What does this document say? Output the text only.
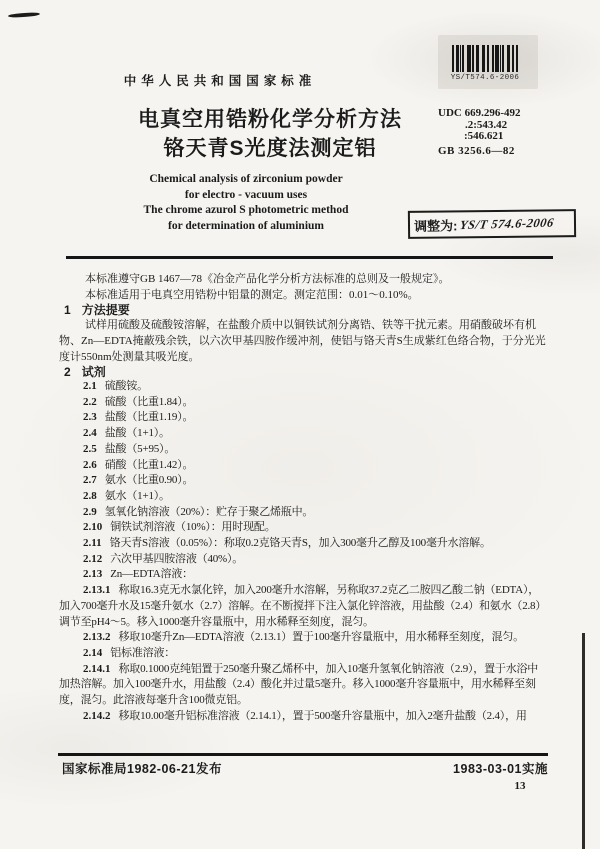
中华人民共和国国家标准	YS/T574.6-2006
电真空用锆粉化学分析方法
铬天青S光度法测定铝
UDC 669.296-492
.2:543.42
:546.621
GB 3256.6—82
Chemical analysis of zirconium powder
for electro - vacuum uses
The chrome azurol S photometric method
for determination of aluminium	调整为: YS/T 574.6-2006

本标准遵守GB 1467—78《冶金产品化学分析方法标准的总则及一般规定》。

本标准适用于电真空用锆粉中铝量的测定。测定范围：0.01～0.10%。

1 方法提要

试样用硫酸及硫酸铵溶解，在盐酸介质中以铜铁试剂分离锆、铁等干扰元素。用硝酸破坏有机物、Zn—EDTA掩蔽残余铁，以六次甲基四胺作缓冲剂，使铝与铬天青S生成紫红色络合物，于分光光度计550nm处测量其吸光度。

2 试剂

2.1 硫酸铵。

2.2 硫酸（比重1.84）。

2.3 盐酸（比重1.19）。

2.4 盐酸（1+1）。

2.5 盐酸（5+95）。

2.6 硝酸（比重1.42）。

2.7 氨水（比重0.90）。

2.8 氨水（1+1）。

2.9 氢氧化钠溶液（20%）：贮存于聚乙烯瓶中。

2.10 铜铁试剂溶液（10%）：用时现配。

2.11 铬天青S溶液（0.05%）：称取0.2克铬天青S，加入300毫升乙醇及100毫升水溶解。

2.12 六次甲基四胺溶液（40%）。

2.13 Zn—EDTA溶液：

2.13.1 称取16.3克无水氯化锌，加入200毫升水溶解，另称取37.2克乙二胺四乙酸二钠（EDTA），加入700毫升水及15毫升氨水（2.7）溶解。在不断搅拌下注入氯化锌溶液，用盐酸（2.4）和氨水（2.8）调节至pH4～5。移入1000毫升容量瓶中，用水稀释至刻度，混匀。

2.13.2 移取10毫升Zn—EDTA溶液（2.13.1）置于100毫升容量瓶中，用水稀释至刻度，混匀。

2.14 铝标准溶液：

2.14.1 称取0.1000克纯铝置于250毫升聚乙烯杯中，加入10毫升氢氧化钠溶液（2.9），置于水浴中加热溶解。加入100毫升水，用盐酸（2.4）酸化并过量5毫升。移入1000毫升容量瓶中，用水稀释至刻度，混匀。此溶液每毫升含100微克铝。

2.14.2 移取10.00毫升铝标准溶液（2.14.1），置于500毫升容量瓶中，加入2毫升盐酸（2.4），用

国家标准局1982-06-21发布	1983-03-01实施
13
